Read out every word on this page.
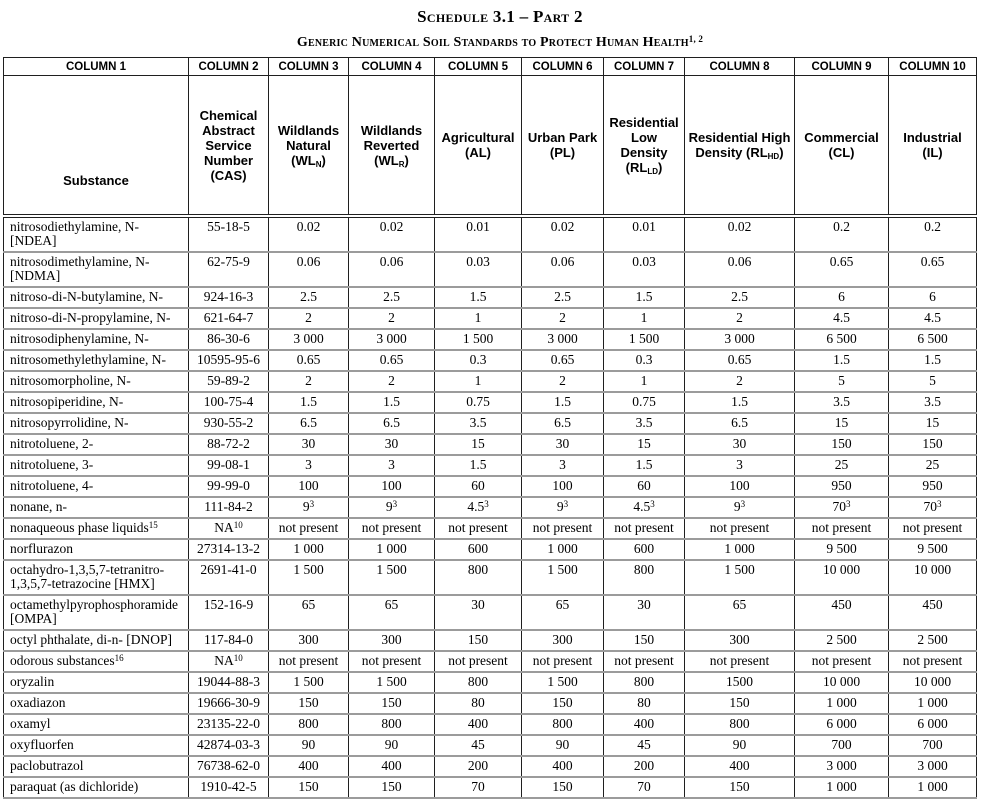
Schedule 3.1 – Part 2
Generic Numerical Soil Standards to Protect Human Health$^{1, 2}$
COLUMN 1	COLUMN 2	COLUMN 3	COLUMN 4	COLUMN 5	COLUMN 6	COLUMN 7	COLUMN 8	COLUMN 9	COLUMN 10
Substance	Chemical Abstract Service Number (CAS)	Wildlands Natural $(WL_N)$	Wildlands Reverted $(WL_R)$	Agricultural (AL)	Urban Park (PL)	Residential Low Density $(RL_{LD})$	Residential High Density $(RL_{HD})$	Commercial (CL)	Industrial (IL)
nitrosodiethylamine, N- [NDEA]	55-18-5	0.02	0.02	0.01	0.02	0.01	0.02	0.2	0.2
nitrosodimethylamine, N- [NDMA]	62-75-9	0.06	0.06	0.03	0.06	0.03	0.06	0.65	0.65
nitroso-di-N-butylamine, N-	924-16-3	2.5	2.5	1.5	2.5	1.5	2.5	6	6
nitroso-di-N-propylamine, N-	621-64-7	2	2	1	2	1	2	4.5	4.5
nitrosodiphenylamine, N-	86-30-6	3 000	3 000	1 500	3 000	1 500	3 000	6 500	6 500
nitrosomethylethylamine, N-	10595-95-6	0.65	0.65	0.3	0.65	0.3	0.65	1.5	1.5
nitrosomorpholine, N-	59-89-2	2	2	1	2	1	2	5	5
nitrosopiperidine, N-	100-75-4	1.5	1.5	0.75	1.5	0.75	1.5	3.5	3.5
nitrosopyrrolidine, N-	930-55-2	6.5	6.5	3.5	6.5	3.5	6.5	15	15
nitrotoluene, 2-	88-72-2	30	30	15	30	15	30	150	150
nitrotoluene, 3-	99-08-1	3	3	1.5	3	1.5	3	25	25
nitrotoluene, 4-	99-99-0	100	100	60	100	60	100	950	950
nonane, n-	111-84-2	$9^3$	$9^3$	$4.5^3$	$9^3$	$4.5^3$	$9^3$	$70^3$	$70^3$
nonaqueous phase liquids$^{15}$	NA$^{10}$	not present	not present	not present	not present	not present	not present	not present	not present
norflurazon	27314-13-2	1 000	1 000	600	1 000	600	1 000	9 500	9 500
octahydro-1,3,5,7-tetranitro-1,3,5,7-tetrazocine [HMX]	2691-41-0	1 500	1 500	800	1 500	800	1 500	10 000	10 000
octamethylpyrophosphoramide [OMPA]	152-16-9	65	65	30	65	30	65	450	450
octyl phthalate, di-n- [DNOP]	117-84-0	300	300	150	300	150	300	2 500	2 500
odorous substances$^{16}$	NA$^{10}$	not present	not present	not present	not present	not present	not present	not present	not present
oryzalin	19044-88-3	1 500	1 500	800	1 500	800	1500	10 000	10 000
oxadiazon	19666-30-9	150	150	80	150	80	150	1 000	1 000
oxamyl	23135-22-0	800	800	400	800	400	800	6 000	6 000
oxyfluorfen	42874-03-3	90	90	45	90	45	90	700	700
paclobutrazol	76738-62-0	400	400	200	400	200	400	3 000	3 000
paraquat (as dichloride)	1910-42-5	150	150	70	150	70	150	1 000	1 000
